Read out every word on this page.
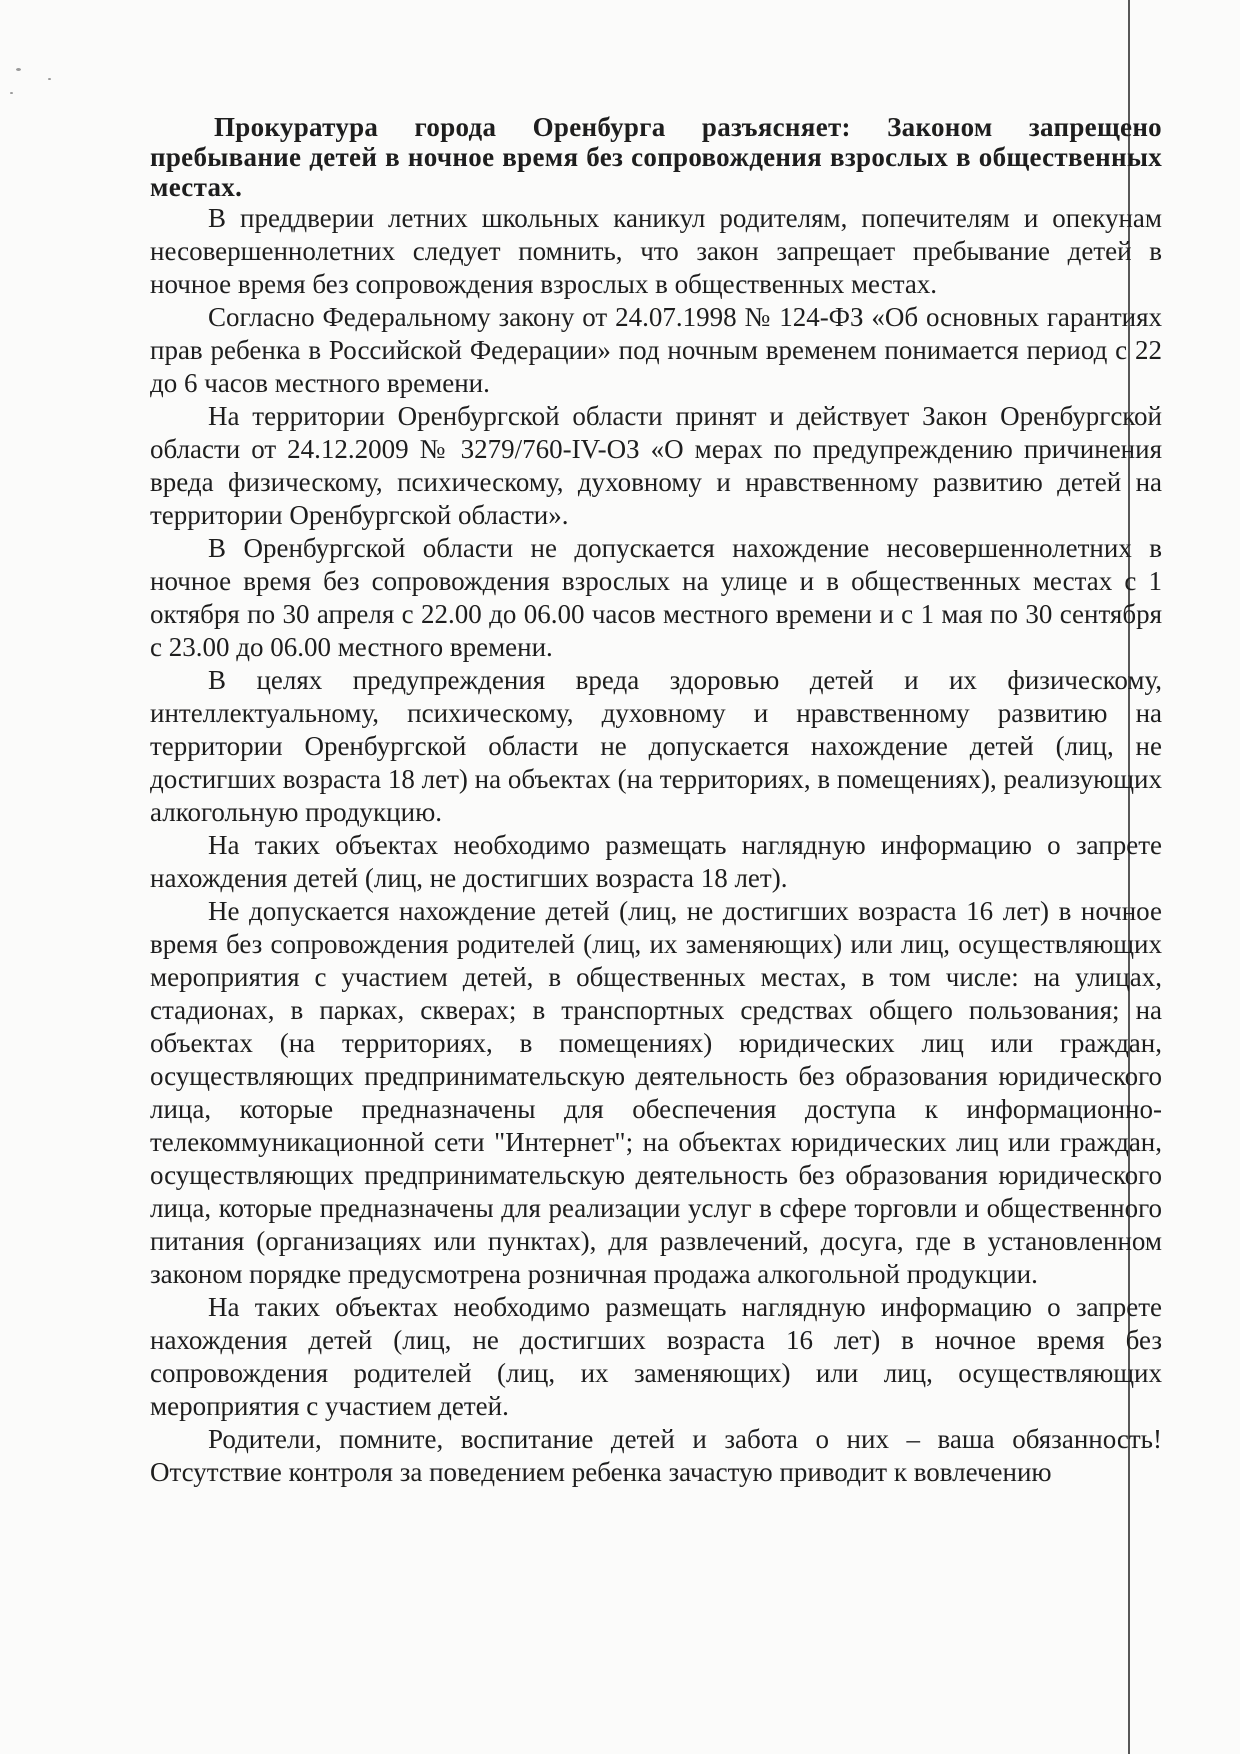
Прокуратура города Оренбурга разъясняет: Законом запрещено пребывание детей в ночное время без сопровождения взрослых в общественных местах.

В преддверии летних школьных каникул родителям, попечителям и опекунам несовершеннолетних следует помнить, что закон запрещает пребывание детей в ночное время без сопровождения взрослых в общественных местах.

Согласно Федеральному закону от 24.07.1998 № 124-ФЗ «Об основных гарантиях прав ребенка в Российской Федерации» под ночным временем понимается период с 22 до 6 часов местного времени.

На территории Оренбургской области принят и действует Закон Оренбургской области от 24.12.2009 № 3279/760-IV-ОЗ «О мерах по предупреждению причинения вреда физическому, психическому, духовному и нравственному развитию детей на территории Оренбургской области».

В Оренбургской области не допускается нахождение несовершеннолетних в ночное время без сопровождения взрослых на улице и в общественных местах с 1 октября по 30 апреля с 22.00 до 06.00 часов местного времени и с 1 мая по 30 сентября с 23.00 до 06.00 местного времени.

В целях предупреждения вреда здоровью детей и их физическому, интеллектуальному, психическому, духовному и нравственному развитию на территории Оренбургской области не допускается нахождение детей (лиц, не достигших возраста 18 лет) на объектах (на территориях, в помещениях), реализующих алкогольную продукцию.

На таких объектах необходимо размещать наглядную информацию о запрете нахождения детей (лиц, не достигших возраста 18 лет).

Не допускается нахождение детей (лиц, не достигших возраста 16 лет) в ночное время без сопровождения родителей (лиц, их заменяющих) или лиц, осуществляющих мероприятия с участием детей, в общественных местах, в том числе: на улицах, стадионах, в парках, скверах; в транспортных средствах общего пользования; на объектах (на территориях, в помещениях) юридических лиц или граждан, осуществляющих предпринимательскую деятельность без образования юридического лица, которые предназначены для обеспечения доступа к информационно-телекоммуникационной сети "Интернет"; на объектах юридических лиц или граждан, осуществляющих предпринимательскую деятельность без образования юридического лица, которые предназначены для реализации услуг в сфере торговли и общественного питания (организациях или пунктах), для развлечений, досуга, где в установленном законом порядке предусмотрена розничная продажа алкогольной продукции.

На таких объектах необходимо размещать наглядную информацию о запрете нахождения детей (лиц, не достигших возраста 16 лет) в ночное время без сопровождения родителей (лиц, их заменяющих) или лиц, осуществляющих мероприятия с участием детей.

Родители, помните, воспитание детей и забота о них – ваша обязанность! Отсутствие контроля за поведением ребенка зачастую приводит к вовлечению
